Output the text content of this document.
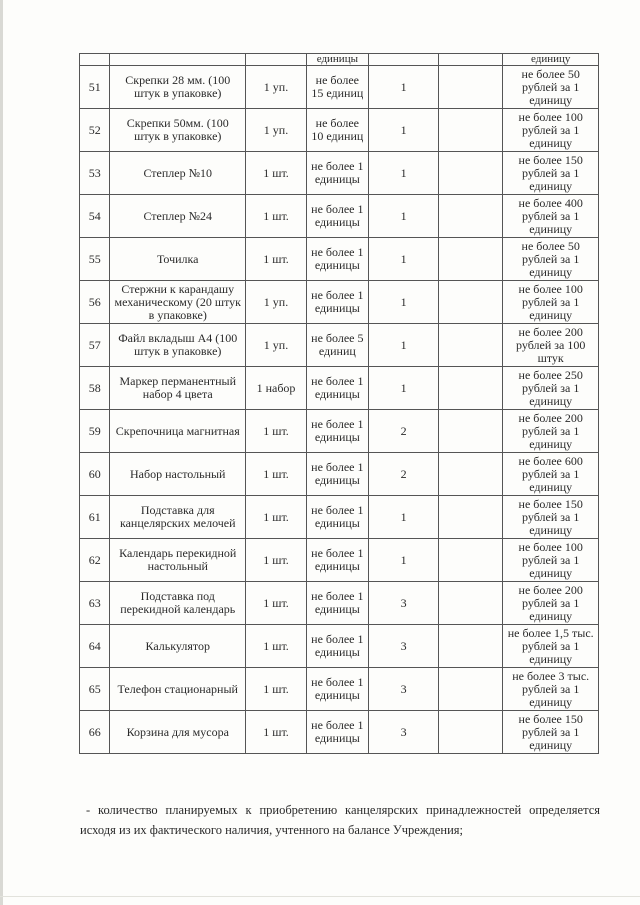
			единицы			единицу
51	Скрепки 28 мм. (100 штук в упаковке)	1 уп.	не более 15 единиц	1		не более 50 рублей за 1 единицу
52	Скрепки 50мм. (100 штук в упаковке)	1 уп.	не более 10 единиц	1		не более 100 рублей за 1 единицу
53	Степлер №10	1 шт.	не более 1 единицы	1		не более 150 рублей за 1 единицу
54	Степлер №24	1 шт.	не более 1 единицы	1		не более 400 рублей за 1 единицу
55	Точилка	1 шт.	не более 1 единицы	1		не более 50 рублей за 1 единицу
56	Стержни к карандашу механическому (20 штук в упаковке)	1 уп.	не более 1 единицы	1		не более 100 рублей за 1 единицу
57	Файл вкладыш А4 (100 штук в упаковке)	1 уп.	не более 5 единиц	1		не более 200 рублей за 100 штук
58	Маркер перманентный набор 4 цвета	1 набор	не более 1 единицы	1		не более 250 рублей за 1 единицу
59	Скрепочница магнитная	1 шт.	не более 1 единицы	2		не более 200 рублей за 1 единицу
60	Набор настольный	1 шт.	не более 1 единицы	2		не более 600 рублей за 1 единицу
61	Подставка для канцелярских мелочей	1 шт.	не более 1 единицы	1		не более 150 рублей за 1 единицу
62	Календарь перекидной настольный	1 шт.	не более 1 единицы	1		не более 100 рублей за 1 единицу
63	Подставка под перекидной календарь	1 шт.	не более 1 единицы	3		не более 200 рублей за 1 единицу
64	Калькулятор	1 шт.	не более 1 единицы	3		не более 1,5 тыс. рублей за 1 единицу
65	Телефон стационарный	1 шт.	не более 1 единицы	3		не более 3 тыс. рублей за 1 единицу
66	Корзина для мусора	1 шт.	не более 1 единицы	3		не более 150 рублей за 1 единицу
- количество планируемых к приобретению канцелярских принадлежностей определяется исходя из их фактического наличия, учтенного на балансе Учреждения;
